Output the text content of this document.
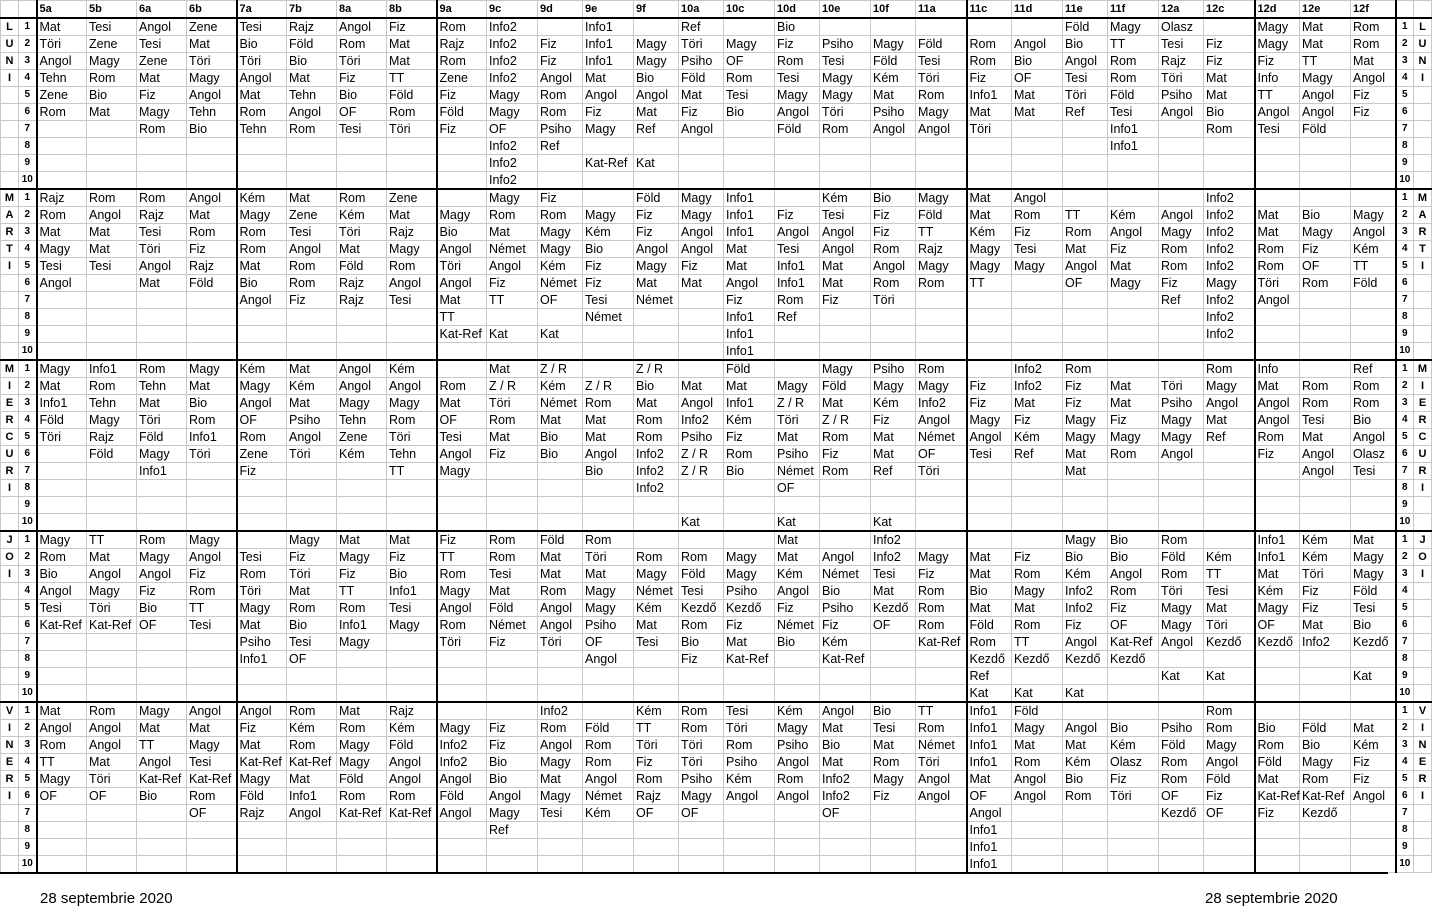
		5a	5b	6a	6b	7a	7b	8a	8b	9a	9c	9d	9e	9f	10a	10c	10d	10e	10f	11a	11c	11d	11e	11f	12a	12c	12d	12e	12f		
L	1	Mat	Tesi	Angol	Zene	Tesi	Rajz	Angol	Fiz	Rom	Info2		Info1		Ref		Bio						Föld	Magy	Olasz		Magy	Mat	Rom	1	L
U	2	Töri	Zene	Tesi	Mat	Bio	Föld	Rom	Mat	Rajz	Info2	Fiz	Info1	Magy	Töri	Magy	Fiz	Psiho	Magy	Föld	Rom	Angol	Bio	TT	Tesi	Fiz	Magy	Mat	Rom	2	U
N	3	Angol	Magy	Zene	Töri	Töri	Bio	Töri	Mat	Rom	Info2	Fiz	Info1	Magy	Psiho	OF	Rom	Tesi	Föld	Tesi	Rom	Bio	Angol	Rom	Rajz	Fiz	Fiz	TT	Mat	3	N
I	4	Tehn	Rom	Mat	Magy	Angol	Mat	Fiz	TT	Zene	Info2	Angol	Mat	Bio	Föld	Rom	Tesi	Magy	Kém	Töri	Fiz	OF	Tesi	Rom	Töri	Mat	Info	Magy	Angol	4	I
	5	Zene	Bio	Fiz	Angol	Mat	Tehn	Bio	Föld	Fiz	Magy	Rom	Angol	Angol	Mat	Tesi	Magy	Magy	Mat	Rom	Info1	Mat	Töri	Föld	Psiho	Mat	TT	Angol	Fiz	5	
	6	Rom	Mat	Magy	Tehn	Rom	Angol	OF	Rom	Föld	Magy	Rom	Fiz	Mat	Fiz	Bio	Angol	Töri	Psiho	Magy	Mat	Mat	Ref	Tesi	Angol	Bio	Angol	Angol	Fiz	6	
	7			Rom	Bio	Tehn	Rom	Tesi	Töri	Fiz	OF	Psiho	Magy	Ref	Angol		Föld	Rom	Angol	Angol	Töri			Info1		Rom	Tesi	Föld		7	
	8										Info2	Ref												Info1						8	
	9										Info2		Kat-Ref	Kat																9	
	10										Info2																			10	
M	1	Rajz	Rom	Rom	Angol	Kém	Mat	Rom	Zene		Magy	Fiz		Föld	Magy	Info1		Kém	Bio	Magy	Mat	Angol				Info2				1	M
A	2	Rom	Angol	Rajz	Mat	Magy	Zene	Kém	Mat	Magy	Rom	Rom	Magy	Fiz	Magy	Info1	Fiz	Tesi	Fiz	Föld	Mat	Rom	TT	Kém	Angol	Info2	Mat	Bio	Magy	2	A
R	3	Mat	Mat	Tesi	Rom	Rom	Tesi	Töri	Rajz	Bio	Mat	Magy	Kém	Fiz	Angol	Info1	Angol	Angol	Fiz	TT	Kém	Fiz	Rom	Angol	Magy	Info2	Mat	Magy	Angol	3	R
T	4	Magy	Mat	Töri	Fiz	Rom	Angol	Mat	Magy	Angol	Német	Magy	Bio	Angol	Angol	Mat	Tesi	Angol	Rom	Rajz	Magy	Tesi	Mat	Fiz	Rom	Info2	Rom	Fiz	Kém	4	T
I	5	Tesi	Tesi	Angol	Rajz	Mat	Rom	Föld	Rom	Töri	Angol	Kém	Fiz	Magy	Fiz	Mat	Info1	Mat	Angol	Magy	Magy	Magy	Angol	Mat	Rom	Info2	Rom	OF	TT	5	I
	6	Angol		Mat	Föld	Bio	Rom	Rajz	Angol	Angol	Fiz	Német	Fiz	Mat	Mat	Angol	Info1	Mat	Rom	Rom	TT		OF	Magy	Fiz	Magy	Töri	Rom	Föld	6	
	7					Angol	Fiz	Rajz	Tesi	Mat	TT	OF	Tesi	Német		Fiz	Rom	Fiz	Töri						Ref	Info2	Angol			7	
	8									TT			Német			Info1	Ref									Info2				8	
	9									Kat-Ref	Kat	Kat				Info1										Info2				9	
	10															Info1														10	
M	1	Magy	Info1	Rom	Magy	Kém	Mat	Angol	Kém		Mat	Z / R		Z / R		Föld		Magy	Psiho	Rom		Info2	Rom			Rom	Info		Ref	1	M
I	2	Mat	Rom	Tehn	Mat	Magy	Kém	Angol	Angol	Rom	Z / R	Kém	Z / R	Bio	Mat	Mat	Magy	Föld	Magy	Magy	Fiz	Info2	Fiz	Mat	Töri	Magy	Mat	Rom	Rom	2	I
E	3	Info1	Tehn	Mat	Bio	Angol	Mat	Magy	Magy	Mat	Töri	Német	Rom	Mat	Angol	Info1	Z / R	Mat	Kém	Info2	Fiz	Mat	Fiz	Mat	Psiho	Angol	Angol	Rom	Rom	3	E
R	4	Föld	Magy	Töri	Rom	OF	Psiho	Tehn	Rom	OF	Rom	Mat	Mat	Rom	Info2	Kém	Töri	Z / R	Fiz	Angol	Magy	Fiz	Magy	Fiz	Magy	Mat	Angol	Tesi	Bio	4	R
C	5	Töri	Rajz	Föld	Info1	Rom	Angol	Zene	Töri	Tesi	Mat	Bio	Mat	Rom	Psiho	Fiz	Mat	Rom	Mat	Német	Angol	Kém	Magy	Magy	Magy	Ref	Rom	Mat	Angol	5	C
U	6		Föld	Magy	Töri	Zene	Töri	Kém	Tehn	Angol	Fiz	Bio	Angol	Info2	Z / R	Rom	Psiho	Fiz	Mat	OF	Tesi	Ref	Mat	Rom	Angol		Fiz	Angol	Olasz	6	U
R	7			Info1		Fiz			TT	Magy			Bio	Info2	Z / R	Bio	Német	Rom	Ref	Töri			Mat					Angol	Tesi	7	R
I	8													Info2			OF													8	I
	9																													9	
	10														Kat		Kat		Kat											10	
J	1	Magy	TT	Rom	Magy		Magy	Mat	Mat	Fiz	Rom	Föld	Rom				Mat		Info2				Magy	Bio	Rom		Info1	Kém	Mat	1	J
O	2	Rom	Mat	Magy	Angol	Tesi	Fiz	Magy	Fiz	TT	Rom	Mat	Töri	Rom	Rom	Magy	Mat	Angol	Info2	Magy	Mat	Fiz	Bio	Bio	Föld	Kém	Info1	Kém	Magy	2	O
I	3	Bio	Angol	Angol	Fiz	Rom	Töri	Fiz	Bio	Rom	Tesi	Mat	Mat	Magy	Föld	Magy	Kém	Német	Tesi	Fiz	Mat	Rom	Kém	Angol	Rom	TT	Mat	Töri	Magy	3	I
	4	Angol	Magy	Fiz	Rom	Töri	Mat	TT	Info1	Magy	Mat	Rom	Magy	Német	Tesi	Psiho	Angol	Bio	Mat	Rom	Bio	Magy	Info2	Rom	Töri	Tesi	Kém	Fiz	Föld	4	
	5	Tesi	Töri	Bio	TT	Magy	Rom	Rom	Tesi	Angol	Föld	Angol	Magy	Kém	Kezdő	Kezdő	Fiz	Psiho	Kezdő	Rom	Mat	Mat	Info2	Fiz	Magy	Mat	Magy	Fiz	Tesi	5	
	6	Kat-Ref	Kat-Ref	OF	Tesi	Mat	Bio	Info1	Magy	Rom	Német	Angol	Psiho	Mat	Rom	Fiz	Német	Fiz	OF	Rom	Föld	Rom	Fiz	OF	Magy	Töri	OF	Mat	Bio	6	
	7					Psiho	Tesi	Magy		Töri	Fiz	Töri	OF	Tesi	Bio	Mat	Bio	Kém		Kat-Ref	Rom	TT	Angol	Kat-Ref	Angol	Kezdő	Kezdő	Info2	Kezdő	7	
	8					Info1	OF						Angol		Fiz	Kat-Ref		Kat-Ref			Kezdő	Kezdő	Kezdő	Kezdő						8	
	9																				Ref				Kat	Kat			Kat	9	
	10																				Kat	Kat	Kat							10	
V	1	Mat	Rom	Magy	Angol	Angol	Rom	Mat	Rajz			Info2		Kém	Rom	Tesi	Kém	Angol	Bio	TT	Info1	Föld				Rom				1	V
I	2	Angol	Angol	Mat	Mat	Fiz	Kém	Rom	Kém	Magy	Fiz	Rom	Föld	TT	Rom	Töri	Magy	Mat	Tesi	Rom	Info1	Magy	Angol	Bio	Psiho	Rom	Bio	Föld	Mat	2	I
N	3	Rom	Angol	TT	Magy	Mat	Rom	Magy	Föld	Info2	Fiz	Angol	Rom	Töri	Töri	Rom	Psiho	Bio	Mat	Német	Info1	Mat	Mat	Kém	Föld	Magy	Rom	Bio	Kém	3	N
E	4	TT	Mat	Angol	Tesi	Kat-Ref	Kat-Ref	Magy	Angol	Info2	Bio	Magy	Rom	Fiz	Töri	Psiho	Angol	Mat	Rom	Töri	Info1	Rom	Kém	Olasz	Rom	Angol	Föld	Magy	Fiz	4	E
R	5	Magy	Töri	Kat-Ref	Kat-Ref	Magy	Mat	Föld	Angol	Angol	Bio	Mat	Angol	Rom	Psiho	Kém	Rom	Info2	Magy	Angol	Mat	Angol	Bio	Fiz	Rom	Föld	Mat	Rom	Fiz	5	R
I	6	OF	OF	Bio	Rom	Föld	Info1	Rom	Rom	Föld	Angol	Magy	Német	Rajz	Magy	Angol	Angol	Info2	Fiz	Angol	OF	Angol	Rom	Töri	OF	Fiz	Kat-Ref	Kat-Ref	Angol	6	I
	7				OF	Rajz	Angol	Kat-Ref	Kat-Ref	Angol	Magy	Tesi	Kém	OF	OF			OF			Angol				Kezdő	OF	Fiz	Kezdő		7	
	8										Ref										Info1									8	
	9																				Info1									9	
	10																				Info1									10	
28 septembrie 2020	28 septembrie 2020
